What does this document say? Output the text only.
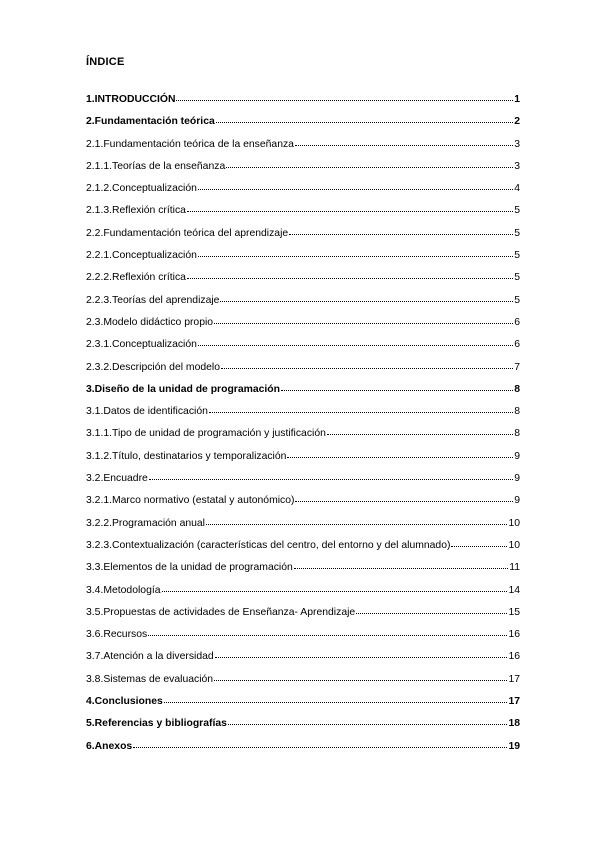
ÍNDICE
1.INTRODUCCIÓN	1
2.Fundamentación teórica	2
2.1.Fundamentación teórica de la enseñanza	3
2.1.1.Teorías de la enseñanza	3
2.1.2.Conceptualización	4
2.1.3.Reflexión crítica	5
2.2.Fundamentación teórica del aprendizaje	5
2.2.1.Conceptualización	5
2.2.2.Reflexión crítica	5
2.2.3.Teorías del aprendizaje	5
2.3.Modelo didáctico propio	6
2.3.1.Conceptualización	6
2.3.2.Descripción del modelo	7
3.Diseño de la unidad de programación	8
3.1.Datos de identificación	8
3.1.1.Tipo de unidad de programación y justificación	8
3.1.2.Título, destinatarios y temporalización	9
3.2.Encuadre	9
3.2.1.Marco normativo (estatal y autonómico)	9
3.2.2.Programación anual	10
3.2.3.Contextualización (características del centro, del entorno y del alumnado)	10
3.3.Elementos de la unidad de programación	11
3.4.Metodología	14
3.5.Propuestas de actividades de Enseñanza- Aprendizaje	15
3.6.Recursos	16
3.7.Atención a la diversidad	16
3.8.Sistemas de evaluación	17
4.Conclusiones	17
5.Referencias y bibliografías	18
6.Anexos	19
